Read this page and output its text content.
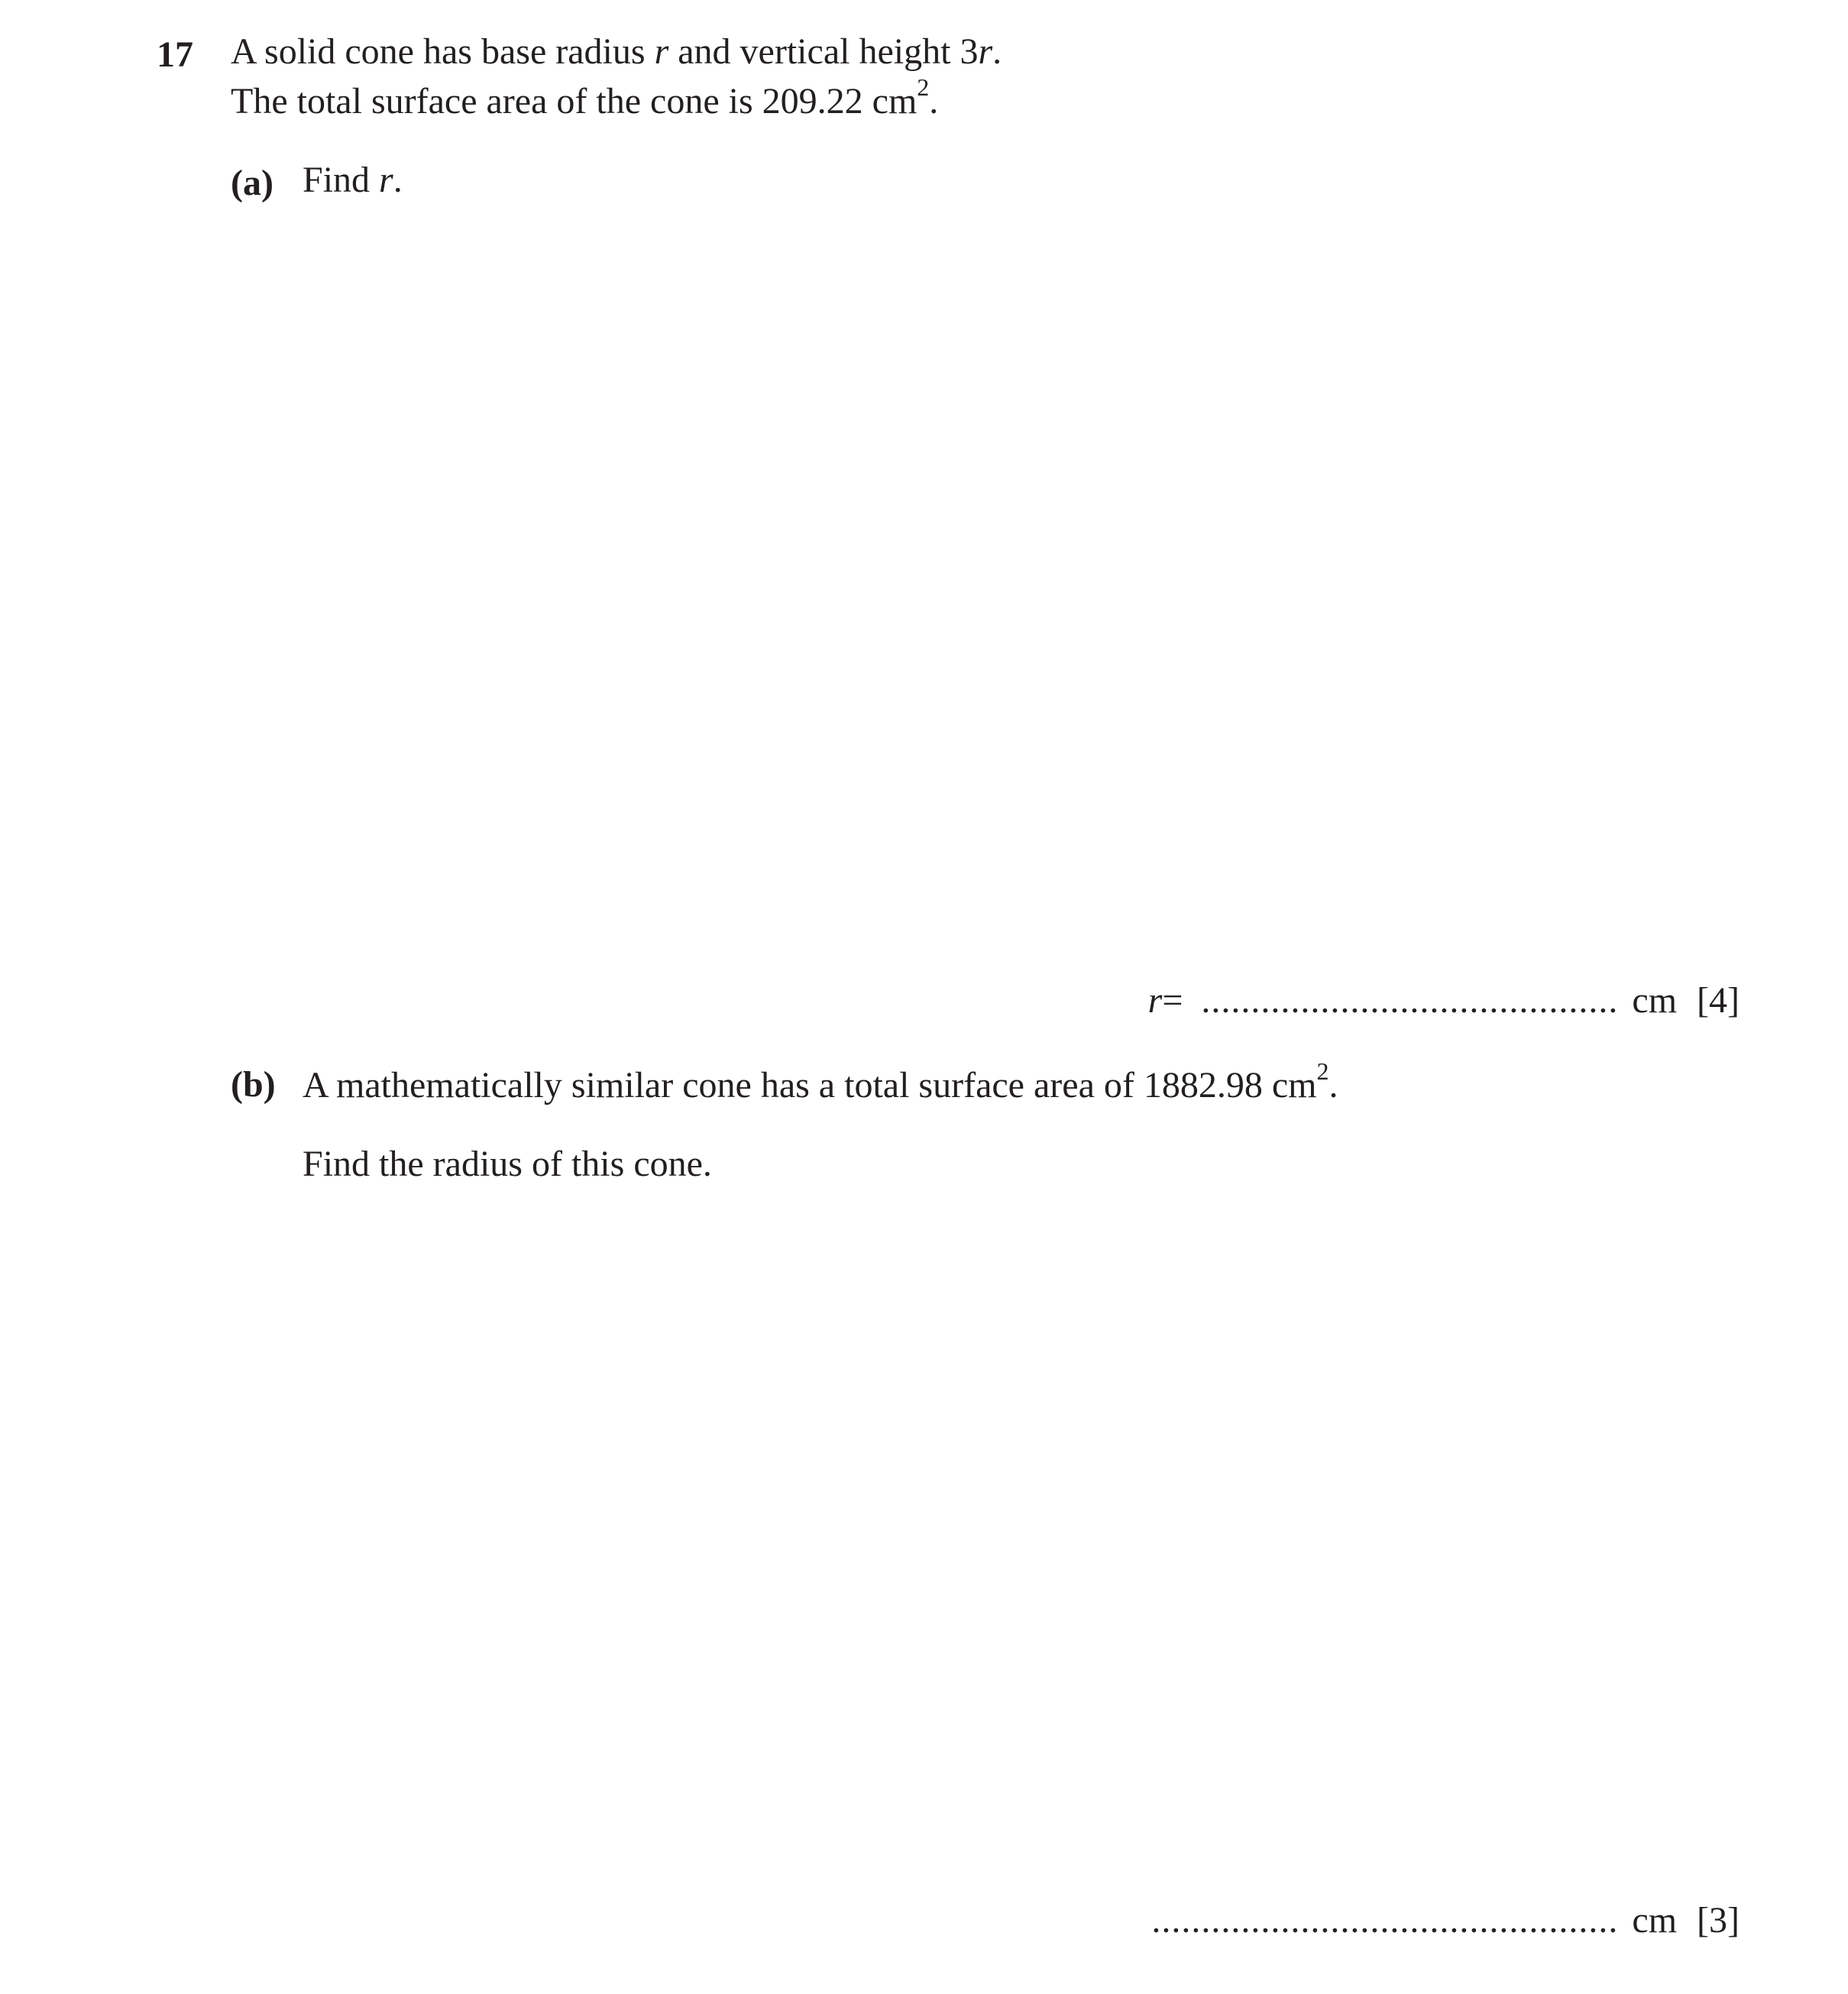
17 A solid cone has base radius r and vertical height 3r.
The total surface area of the cone is 209.22 $cm^2$.
(a) Find r.
r = .......................................... cm [4]
(b) A mathematically similar cone has a total surface area of 1882.98 $cm^2$.
Find the radius of this cone.
............................................... cm [3]
